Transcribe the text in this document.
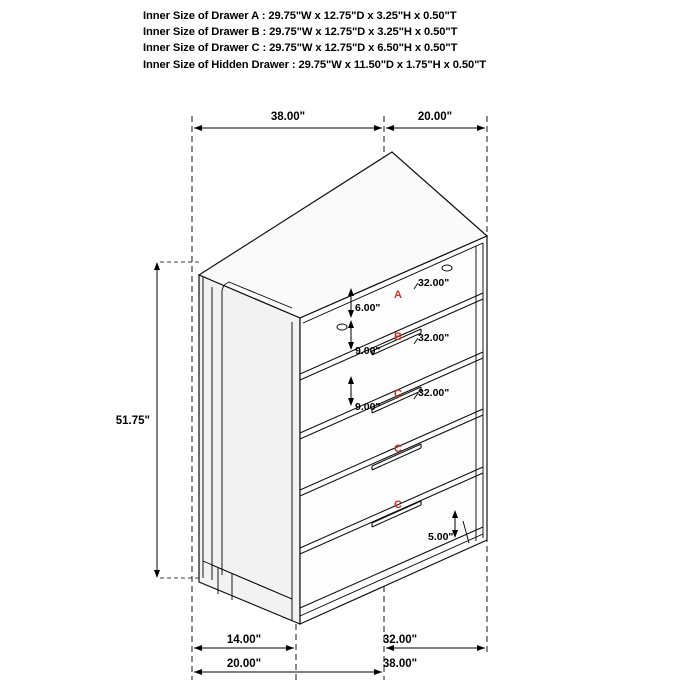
Inner Size of Drawer A : 29.75"W x 12.75"D x 3.25"H x 0.50"T
Inner Size of Drawer B : 29.75"W x 12.75"D x 3.25"H x 0.50"T
Inner Size of Drawer C : 29.75"W x 12.75"D x 6.50"H x 0.50"T
Inner Size of Hidden Drawer : 29.75"W x 11.50"D x 1.75"H x 0.50"T
38.00"	20.00"
A
B
C
C
C
32.00"
32.00"
32.00"
6.00"
9.00"
9.00"
5.00"
51.75"
14.00"	32.00"
20.00"	38.00"
